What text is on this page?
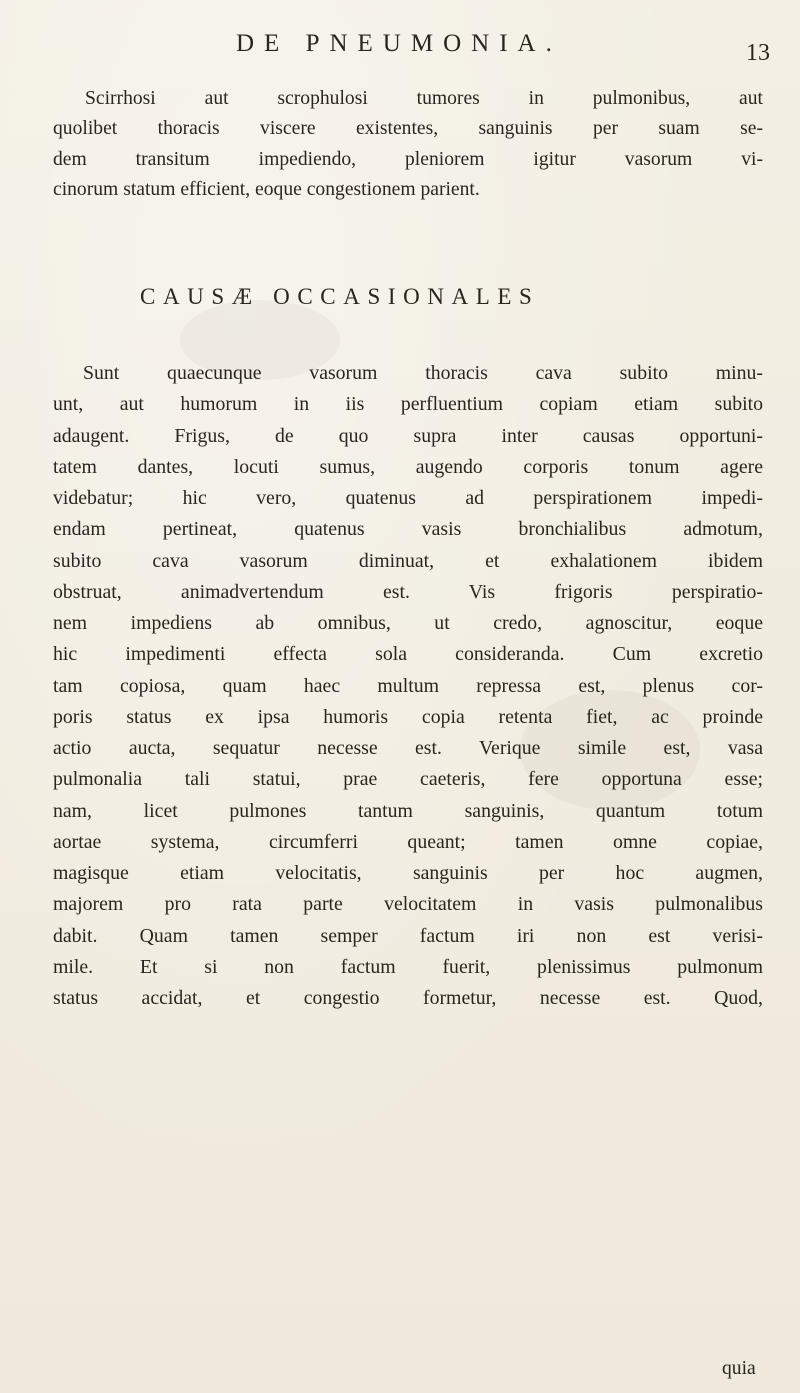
DE PNEUMONIA.	13

Scirrhosi aut scrophulosi tumores in pulmonibus, aut
quolibet thoracis viscere existentes, sanguinis per suam se-
dem transitum impediendo, pleniorem igitur vasorum vi-
cinorum statum efficient, eoque congestionem parient.

CAUSÆ OCCASIONALES

Sunt quaecunque vasorum thoracis cava subito minu-
unt, aut humorum in iis perfluentium copiam etiam subito
adaugent. Frigus, de quo supra inter causas opportuni-
tatem dantes, locuti sumus, augendo corporis tonum agere
videbatur; hic vero, quatenus ad perspirationem impedi-
endam pertineat, quatenus vasis bronchialibus admotum,
subito cava vasorum diminuat, et exhalationem ibidem
obstruat, animadvertendum est. Vis frigoris perspiratio-
nem impediens ab omnibus, ut credo, agnoscitur, eoque
hic impedimenti effecta sola consideranda. Cum excretio
tam copiosa, quam haec multum repressa est, plenus cor-
poris status ex ipsa humoris copia retenta fiet, ac proinde
actio aucta, sequatur necesse est. Verique simile est, vasa
pulmonalia tali statui, prae caeteris, fere opportuna esse;
nam, licet pulmones tantum sanguinis, quantum totum
aortae systema, circumferri queant; tamen omne copiae,
magisque etiam velocitatis, sanguinis per hoc augmen,
majorem pro rata parte velocitatem in vasis pulmonalibus
dabit. Quam tamen semper factum iri non est verisi-
mile. Et si non factum fuerit, plenissimus pulmonum
status accidat, et congestio formetur, necesse est. Quod,

quia
